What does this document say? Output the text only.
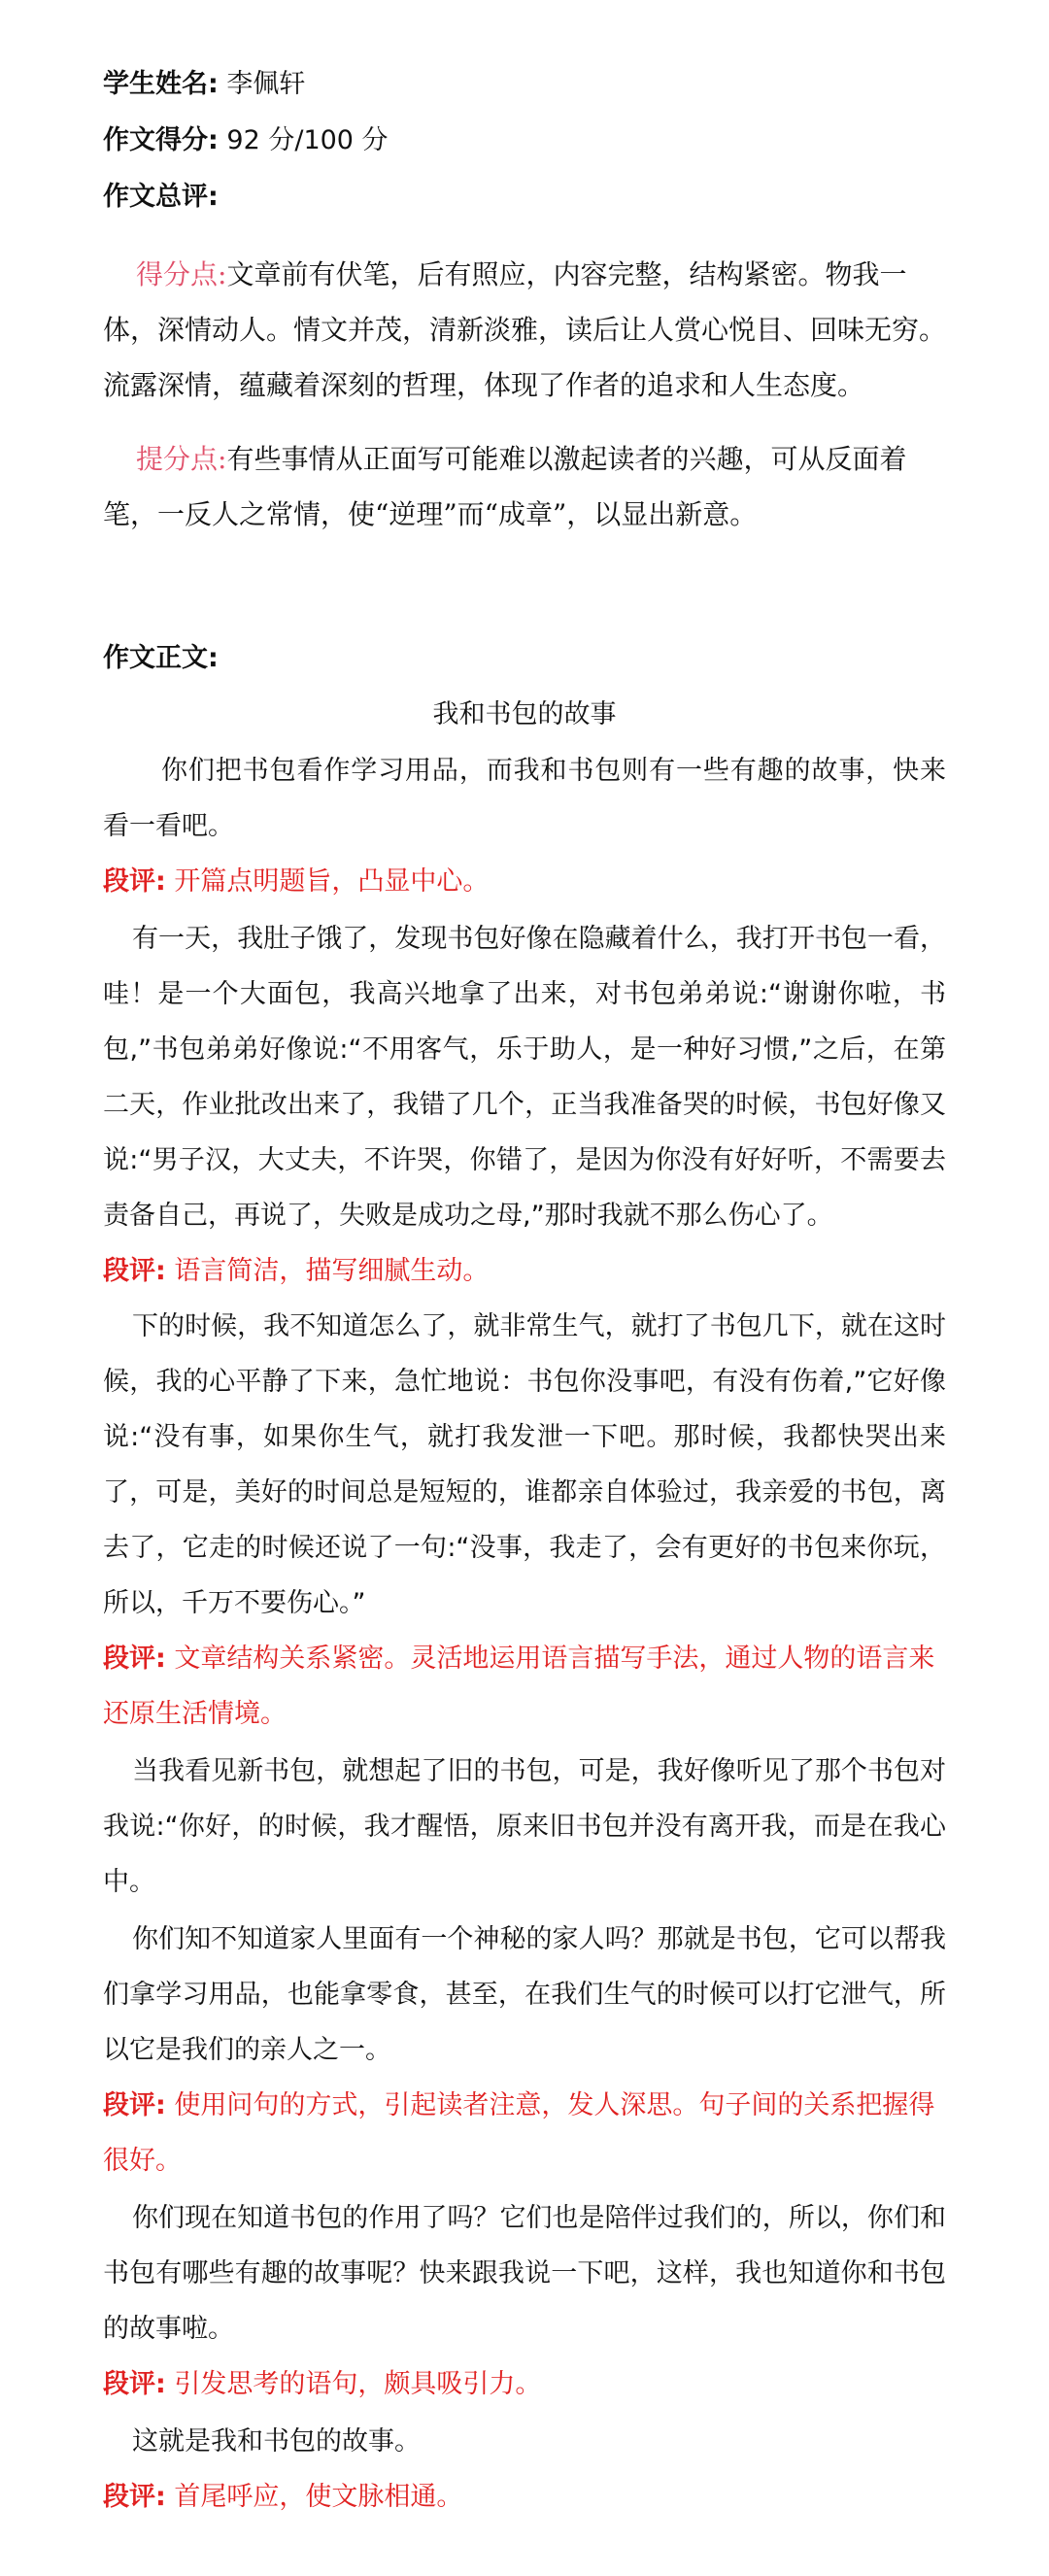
学生姓名: 李佩轩
作文得分: 92 分/100 分
作文总评:

得分点:文章前有伏笔，后有照应，内容完整，结构紧密。物我一体，深情动人。情文并茂，清新淡雅，读后让人赏心悦目、回味无穷。流露深情，蕴藏着深刻的哲理，体现了作者的追求和人生态度。

提分点:有些事情从正面写可能难以激起读者的兴趣，可从反面着笔，一反人之常情，使“逆理”而“成章”，以显出新意。

作文正文:

我和书包的故事

你们把书包看作学习用品，而我和书包则有一些有趣的故事，快来看一看吧。

段评: 开篇点明题旨，凸显中心。

有一天，我肚子饿了，发现书包好像在隐藏着什么，我打开书包一看，哇！是一个大面包，我高兴地拿了出来，对书包弟弟说:“谢谢你啦，书包,”书包弟弟好像说:“不用客气，乐于助人，是一种好习惯,”之后，在第二天，作业批改出来了，我错了几个，正当我准备哭的时候，书包好像又说:“男子汉，大丈夫，不许哭，你错了，是因为你没有好好听，不需要去责备自己，再说了，失败是成功之母,”那时我就不那么伤心了。

段评: 语言简洁，描写细腻生动。

下的时候，我不知道怎么了，就非常生气，就打了书包几下，就在这时候，我的心平静了下来，急忙地说：书包你没事吧，有没有伤着,”它好像说:“没有事，如果你生气，就打我发泄一下吧。那时候，我都快哭出来了，可是，美好的时间总是短短的，谁都亲自体验过，我亲爱的书包，离去了，它走的时候还说了一句:“没事，我走了，会有更好的书包来你玩，所以，千万不要伤心。”

段评: 文章结构关系紧密。灵活地运用语言描写手法，通过人物的语言来还原生活情境。

当我看见新书包，就想起了旧的书包，可是，我好像听见了那个书包对我说:“你好，的时候，我才醒悟，原来旧书包并没有离开我，而是在我心中。

你们知不知道家人里面有一个神秘的家人吗？那就是书包，它可以帮我们拿学习用品，也能拿零食，甚至，在我们生气的时候可以打它泄气，所以它是我们的亲人之一。

段评: 使用问句的方式，引起读者注意，发人深思。句子间的关系把握得很好。

你们现在知道书包的作用了吗？它们也是陪伴过我们的，所以，你们和书包有哪些有趣的故事呢？快来跟我说一下吧，这样，我也知道你和书包的故事啦。

段评: 引发思考的语句，颇具吸引力。

这就是我和书包的故事。

段评: 首尾呼应，使文脉相通。
